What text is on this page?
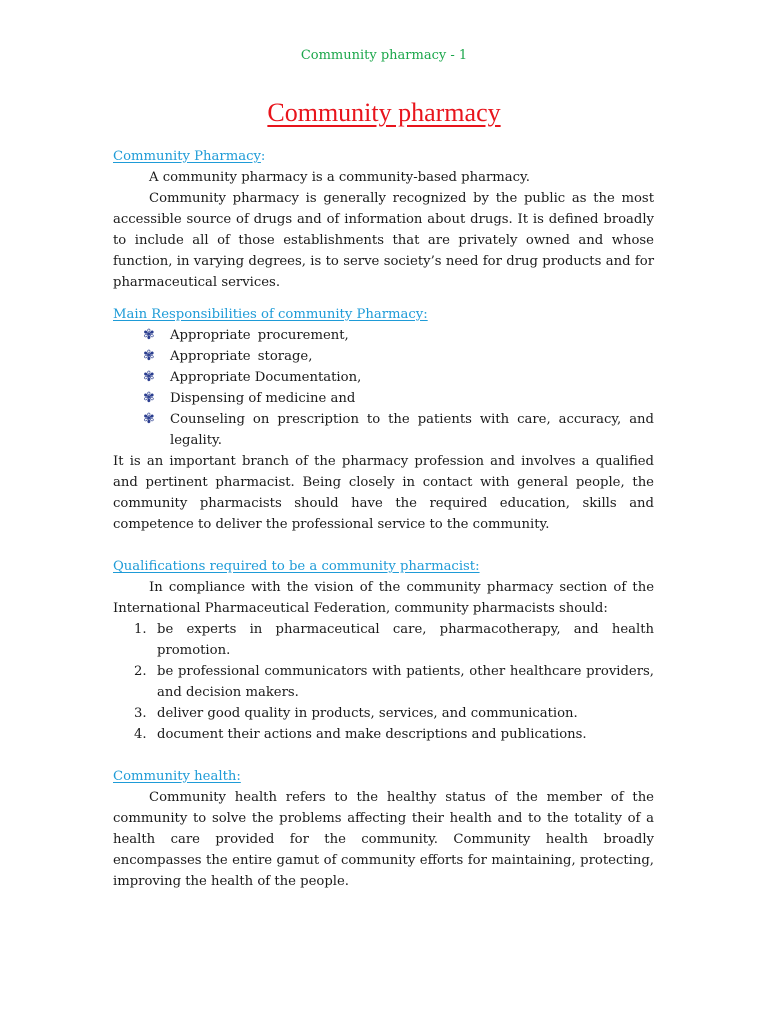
Community pharmacy - 1
Community pharmacy
Community Pharmacy:
A community pharmacy is a community-based pharmacy.
Community pharmacy is generally recognized by the public as the most accessible source of drugs and of information about drugs. It is defined broadly to include all of those establishments that are privately owned and whose function, in varying degrees, is to serve society’s need for drug products and for pharmaceutical services.
Main Responsibilities of community Pharmacy:
✾ Appropriate procurement,
✾ Appropriate storage,
✾ Appropriate Documentation,
✾ Dispensing of medicine and
✾ Counseling on prescription to the patients with care, accuracy, and legality.
It is an important branch of the pharmacy profession and involves a qualified and pertinent pharmacist. Being closely in contact with general people, the community pharmacists should have the required education, skills and competence to deliver the professional service to the community.
Qualifications required to be a community pharmacist:
In compliance with the vision of the community pharmacy section of the International Pharmaceutical Federation, community pharmacists should:
1. be experts in pharmaceutical care, pharmacotherapy, and health promotion.
2. be professional communicators with patients, other healthcare providers, and decision makers.
3. deliver good quality in products, services, and communication.
4. document their actions and make descriptions and publications.
Community health:
Community health refers to the healthy status of the member of the community to solve the problems affecting their health and to the totality of a health care provided for the community. Community health broadly encompasses the entire gamut of community efforts for maintaining, protecting, improving the health of the people.
